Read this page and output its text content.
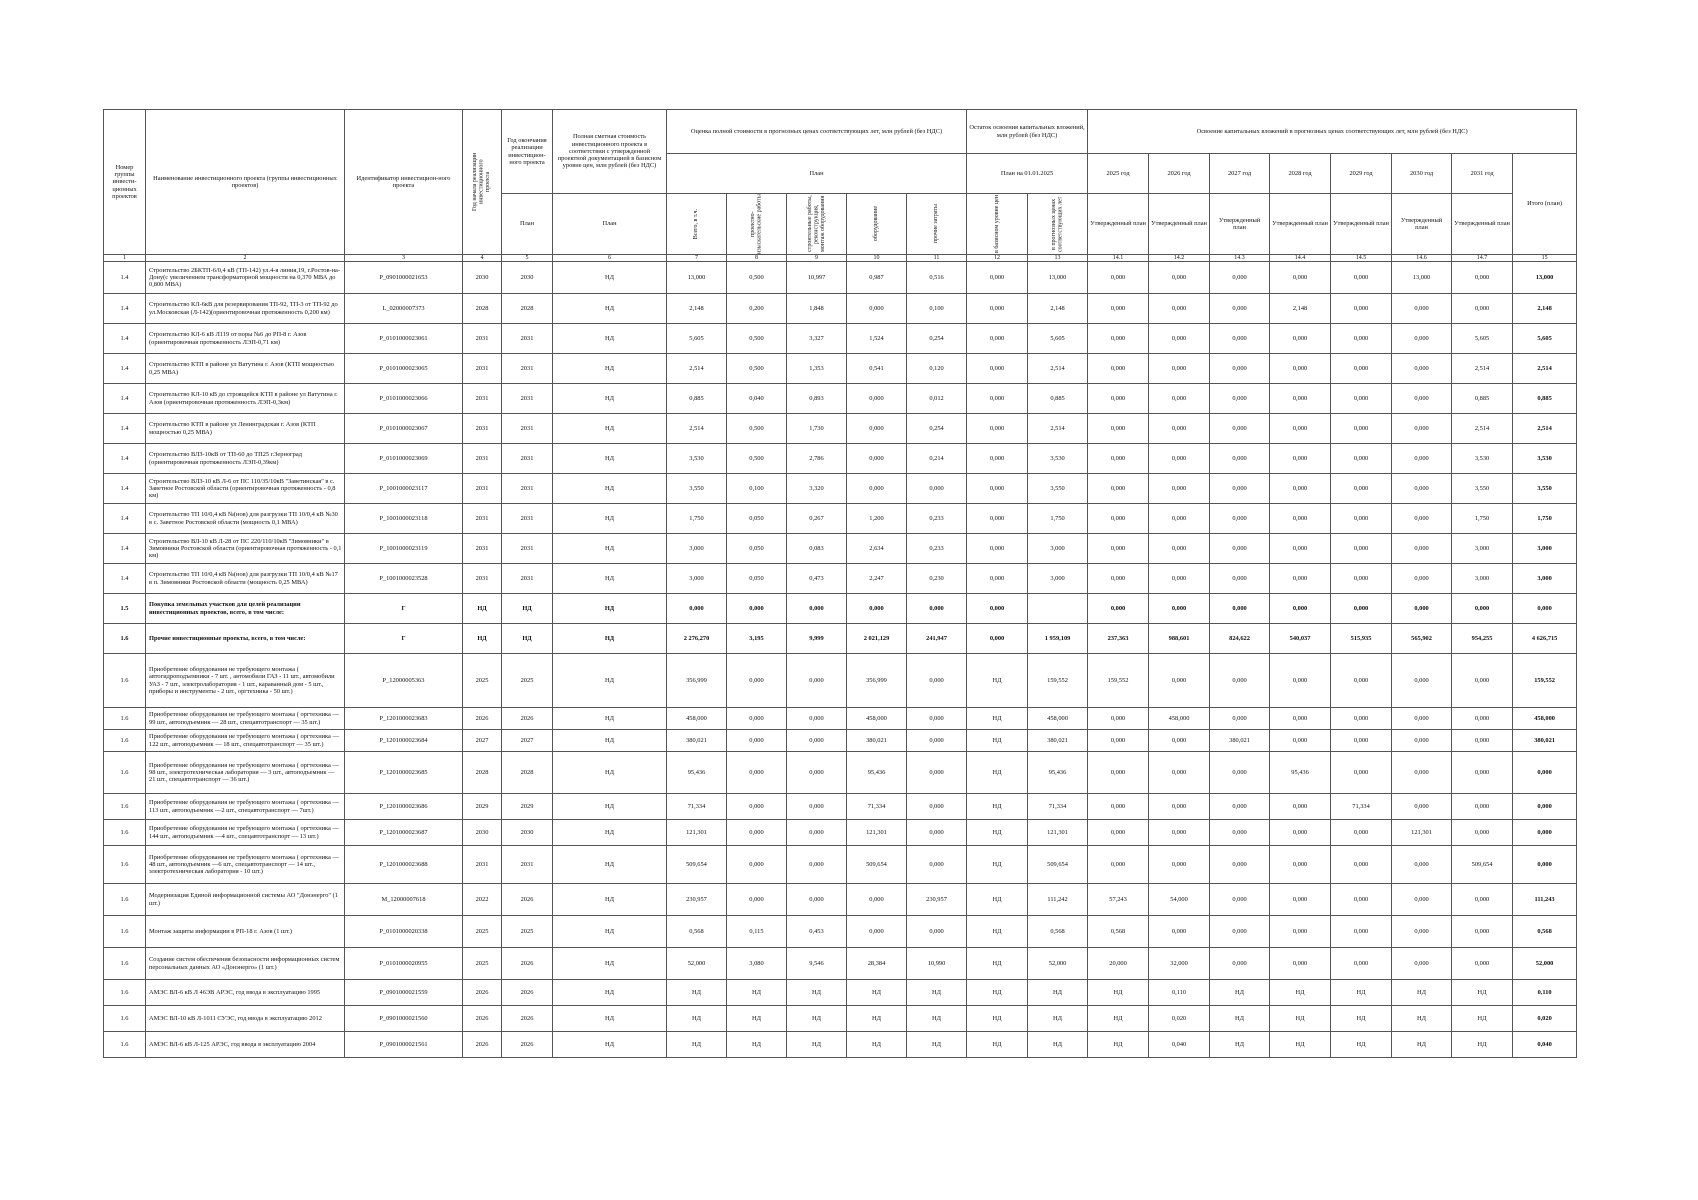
Номер группы инвести-ционных проектов	Наименование инвестиционного проекта (группы инвестиционных проектов)	Идентификатор инвестицион-ного проекта	Год начала реализации инвестиционного проекта	Год окончания реализации инвестицион-ного проекта	Полная сметная стоимость инвестиционного проекта в соответствии с утвержденной проектной документацией в базисном уровне цен, млн рублей (без НДС)	Оценка полной стоимости в прогнозных ценах соответствующих лет, млн рублей (без НДС)					Остаток освоения капитальных вложений, млн рублей (без НДС)		Освоение капитальных вложений в прогнозных ценах соответствующих лет, млн рублей (без НДС)							
						План					План на 01.01.2025		2025 год	2026 год	2027 год	2028 год	2029 год	2030 год	2031 год	Итого (план)
				План	План	Всего, в т.ч.	проектно-изыскательские работы	строительные работы, реконструкция, монтаж оборудования	оборудование	прочие затраты	в базисном уровне цен	в прогнозных ценах соответствующих лет	Утвержденный план	Утвержденный план	Утвержденный план	Утвержденный план	Утвержденный план	Утвержденный план	Утвержденный план	
1	2	3	4	5	6	7	8	9	10	11	12	13	14.1	14.2	14.3	14.4	14.5	14.6	14.7	15
1.4	Строительство 2БКТП-6/0,4 кВ (ТП-142) ул.4-я линия,19, г.Ростов-на-Дону(с увеличением трансформаторной мощности на 0,370 МВА до 0,800 МВА)	P_0901000021653	2030	2030	НД	13,000	0,500	10,997	0,987	0,516	0,000	13,000	0,000	0,000	0,000	0,000	0,000	13,000	0,000	13,000
1.4	Строительство КЛ-6кВ для резервирования ТП-92, ТП-3 от ТП-92 до ул.Московская (Л-142)(ориентировочная протяженность 0,200 км)	L_02000007373	2028	2028	НД	2,148	0,200	1,848	0,000	0,100	0,000	2,148	0,000	0,000	0,000	2,148	0,000	0,000	0,000	2,148
1.4	Строительство КЛ-6 кВ Л119 от поры №6 до РП-8 г. Азов (ориентировочная протяженность ЛЭП-0,71 км)	P_0101000023061	2031	2031	НД	5,605	0,500	3,327	1,524	0,254	0,000	5,605	0,000	0,000	0,000	0,000	0,000	0,000	5,605	5,605
1.4	Строительство КТП в районе ул Ватутина г. Азов (КТП мощностью 0,25 МВА)	P_0101000023065	2031	2031	НД	2,514	0,500	1,353	0,541	0,120	0,000	2,514	0,000	0,000	0,000	0,000	0,000	0,000	2,514	2,514
1.4	Строительство КЛ-10 кВ до строящейся КТП в районе ул Ватутина г. Азов (ориентировочная протяженность ЛЭП-0,3км)	P_0101000023066	2031	2031	НД	0,885	0,040	0,893	0,000	0,012	0,000	0,885	0,000	0,000	0,000	0,000	0,000	0,000	0,885	0,885
1.4	Строительство КТП в районе ул Ленинградская г. Азов (КТП мощностью 0,25 МВА)	P_0101000023067	2031	2031	НД	2,514	0,500	1,730	0,000	0,254	0,000	2,514	0,000	0,000	0,000	0,000	0,000	0,000	2,514	2,514
1.4	Строительство ВЛЗ-10кВ от ТП-60 до ТП25 г.Зерноград (ориентировочная протяженность ЛЭП-0,39км)	P_0101000023069	2031	2031	НД	3,530	0,500	2,786	0,000	0,214	0,000	3,530	0,000	0,000	0,000	0,000	0,000	0,000	3,530	3,530
1.4	Строительство ВЛЗ-10 кВ Л-6 от ПС 110/35/10кВ "Заветинская" в с. Заветное Ростовской области (ориентировочная протяженность - 0,8 км)	P_1001000023117	2031	2031	НД	3,550	0,100	3,320	0,000	0,000	0,000	3,550	0,000	0,000	0,000	0,000	0,000	0,000	3,550	3,550
1.4	Строительство ТП 10/0,4 кВ №(нов) для разгрузки ТП 10/0,4 кВ №30 в с. Заветное Ростовской области (мощность 0,1 МВА)	P_1001000023118	2031	2031	НД	1,750	0,050	0,267	1,200	0,233	0,000	1,750	0,000	0,000	0,000	0,000	0,000	0,000	1,750	1,750
1.4	Строительство ВЛ-10 кВ Л-28 от ПС 220/110/10кВ "Зимовники" в Зимовники Ростовской области (ориентировочная протяженность - 0,1 км)	P_1001000023119	2031	2031	НД	3,000	0,050	0,083	2,634	0,233	0,000	3,000	0,000	0,000	0,000	0,000	0,000	0,000	3,000	3,000
1.4	Строительство ТП 10/0,4 кВ №(нов) для разгрузки ТП 10/0,4 кВ №17 в п. Зимовники Ростовской области (мощность 0,25 МВА)	P_1001000023528	2031	2031	НД	3,000	0,050	0,473	2,247	0,230	0,000	3,000	0,000	0,000	0,000	0,000	0,000	0,000	3,000	3,000
1.5	Покупка земельных участков для целей реализации инвестиционных проектов, всего, в том числе:	Г	НД	НД	НД	0,000	0,000	0,000	0,000	0,000	0,000		0,000	0,000	0,000	0,000	0,000	0,000	0,000	0,000
1.6	Прочие инвестиционные проекты, всего, в том числе:	Г	НД	НД	НД	2 276,270	3,195	9,999	2 021,129	241,947	0,000	1 959,109	237,363	988,601	824,622	540,037	515,935	565,902	954,255	4 626,715
1.6	Приобретение оборудования не требующего монтажа ( автогидроподъемники - 7 шт. , автомобили ГАЗ - 11 шт., автомобили УАЗ - 7 шт., электролаборатория - 1 шт., караванный дом - 5 шт., приборы и инструменты - 2 шт., оргтехника - 50 шт.)	P_12000005363	2025	2025	НД	356,999	0,000	0,000	356,999	0,000	НД	159,552	159,552	0,000	0,000	0,000	0,000	0,000	0,000	159,552
1.6	Приобретение оборудования не требующего монтажа ( оргтехника — 99 шт., автоподъемник — 28 шт., спецавтотранспорт — 35 шт.)	P_1201000023683	2026	2026	НД	458,000	0,000	0,000	458,000	0,000	НД	458,000	0,000	458,000	0,000	0,000	0,000	0,000	0,000	458,000
1.6	Приобретение оборудования не требующего монтажа ( оргтехника —122 шт., автоподъемник — 18 шт., спецавтотранспорт — 35 шт.)	P_1201000023684	2027	2027	НД	380,021	0,000	0,000	380,021	0,000	НД	380,021	0,000	0,000	380,021	0,000	0,000	0,000	0,000	380,021
1.6	Приобретение оборудования не требующего монтажа ( оргтехника — 98 шт., электротехническая лаборатория — 3 шт., автоподъемник — 21 шт., спецавтотранспорт — 36 шт.)	P_1201000023685	2028	2028	НД	95,436	0,000	0,000	95,436	0,000	НД	95,436	0,000	0,000	0,000	95,436	0,000	0,000	0,000	0,000
1.6	Приобретение оборудования не требующего монтажа ( оргтехника —113 шт., автоподъемник —2 шт., спецавтотранспорт — 7шт.)	P_1201000023686	2029	2029	НД	71,334	0,000	0,000	71,334	0,000	НД	71,334	0,000	0,000	0,000	0,000	71,334	0,000	0,000	0,000
1.6	Приобретение оборудования не требующего монтажа ( оргтехника —144 шт., автоподъемник —4 шт., спецавтотранспорт — 13 шт.)	P_1201000023687	2030	2030	НД	121,301	0,000	0,000	121,301	0,000	НД	121,301	0,000	0,000	0,000	0,000	0,000	121,301	0,000	0,000
1.6	Приобретение оборудования не требующего монтажа ( оргтехника —48 шт., автоподъемник —6 шт., спецавтотранспорт — 14 шт., электротехническая лаборатория - 10 шт.)	P_1201000023688	2031	2031	НД	509,654	0,000	0,000	509,654	0,000	НД	509,654	0,000	0,000	0,000	0,000	0,000	0,000	509,654	0,000
1.6	Модернизация Единой информационной системы АО "Донэнерго" (1 шт.)	M_12000007618	2022	2026	НД	230,957	0,000	0,000	0,000	230,957	НД	111,242	57,243	54,000	0,000	0,000	0,000	0,000	0,000	111,243
1.6	Монтаж защиты информации в РП-18 г. Азов (1 шт.)	P_0101000020338	2025	2025	НД	0,568	0,115	0,453	0,000	0,000	НД	0,568	0,568	0,000	0,000	0,000	0,000	0,000	0,000	0,568
1.6	Создание систем обеспечения безопасности информационных систем персональных данных АО «Донэнерго» (1 шт.)	P_0101000020955	2025	2026	НД	52,000	3,080	9,546	28,384	10,990	НД	52,000	20,000	32,000	0,000	0,000	0,000	0,000	0,000	52,000
1.6	АМЭС ВЛ-6 кВ Л 46ЭВ АРЭС, год ввода в эксплуатацию 1995	P_0901000021559	2026	2026	НД	НД	НД	НД	НД	НД	НД	НД	НД	0,110	НД	НД	НД	НД	НД	0,110
1.6	АМЭС ВЛ-10 кВ Л-1011 СУЭС, год ввода в эксплуатацию 2012	P_0901000021560	2026	2026	НД	НД	НД	НД	НД	НД	НД	НД	НД	0,020	НД	НД	НД	НД	НД	0,020
1.6	АМЭС ВЛ-6 кВ Л-125 АРЭС, год ввода в эксплуатацию 2004	P_0901000021561	2026	2026	НД	НД	НД	НД	НД	НД	НД	НД	НД	0,040	НД	НД	НД	НД	НД	0,040
